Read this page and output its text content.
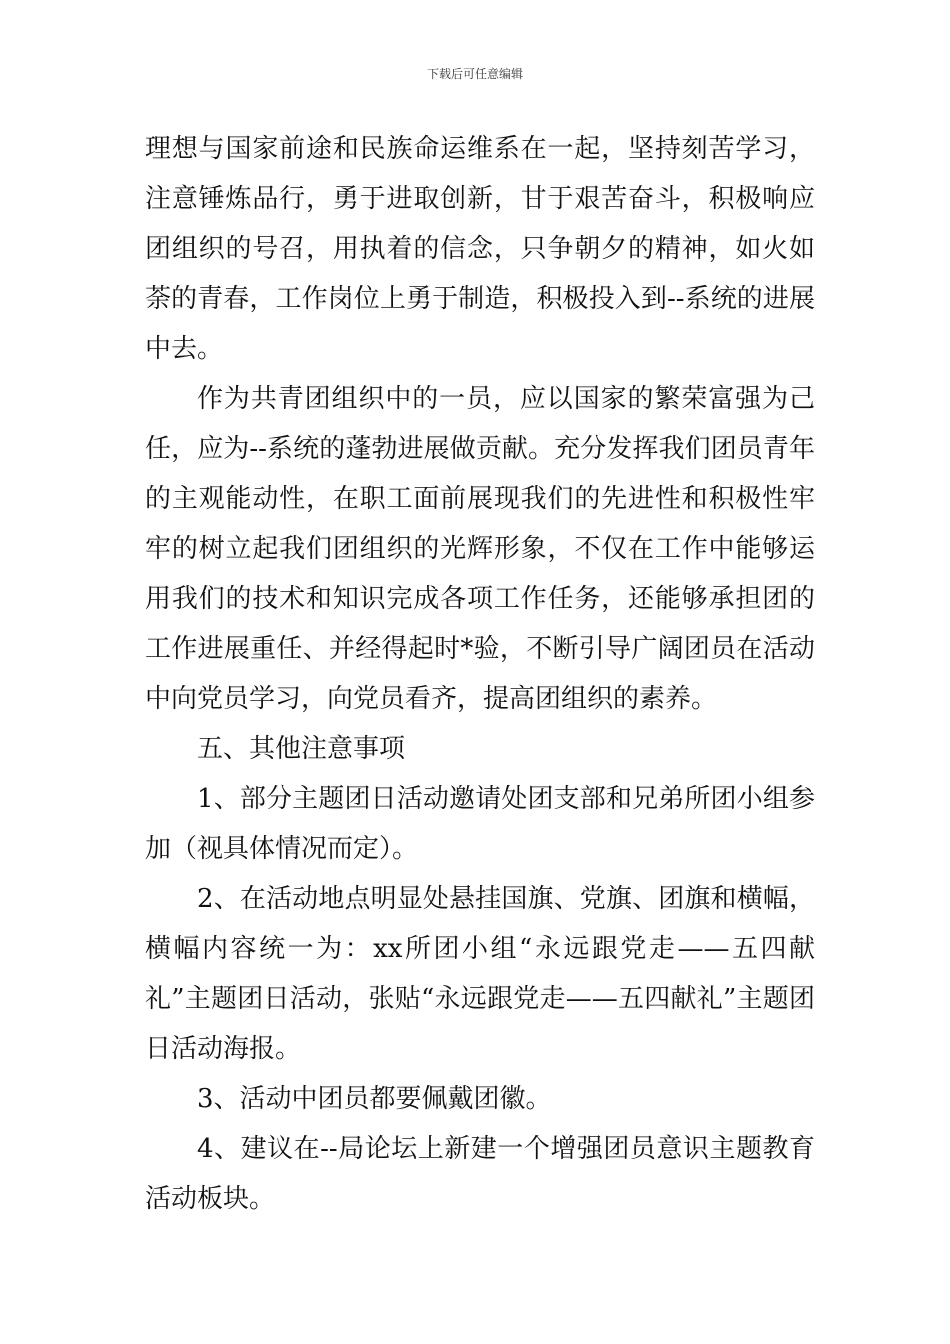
下载后可任意编辑

理想与国家前途和民族命运维系在一起，坚持刻苦学习，注意锤炼品行，勇于进取创新，甘于艰苦奋斗，积极响应团组织的号召，用执着的信念，只争朝夕的精神，如火如荼的青春，工作岗位上勇于制造，积极投入到--系统的进展中去。

作为共青团组织中的一员，应以国家的繁荣富强为己任，应为--系统的蓬勃进展做贡献。充分发挥我们团员青年的主观能动性，在职工面前展现我们的先进性和积极性牢牢的树立起我们团组织的光辉形象，不仅在工作中能够运用我们的技术和知识完成各项工作任务，还能够承担团的工作进展重任、并经得起时*验，不断引导广阔团员在活动中向党员学习，向党员看齐，提高团组织的素养。

五、其他注意事项

1、部分主题团日活动邀请处团支部和兄弟所团小组参加（视具体情况而定）。

2、在活动地点明显处悬挂国旗、党旗、团旗和横幅，横幅内容统一为：xx所团小组“永远跟党走——五四献礼”主题团日活动，张贴“永远跟党走——五四献礼”主题团日活动海报。

3、活动中团员都要佩戴团徽。

4、建议在--局论坛上新建一个增强团员意识主题教育活动板块。
